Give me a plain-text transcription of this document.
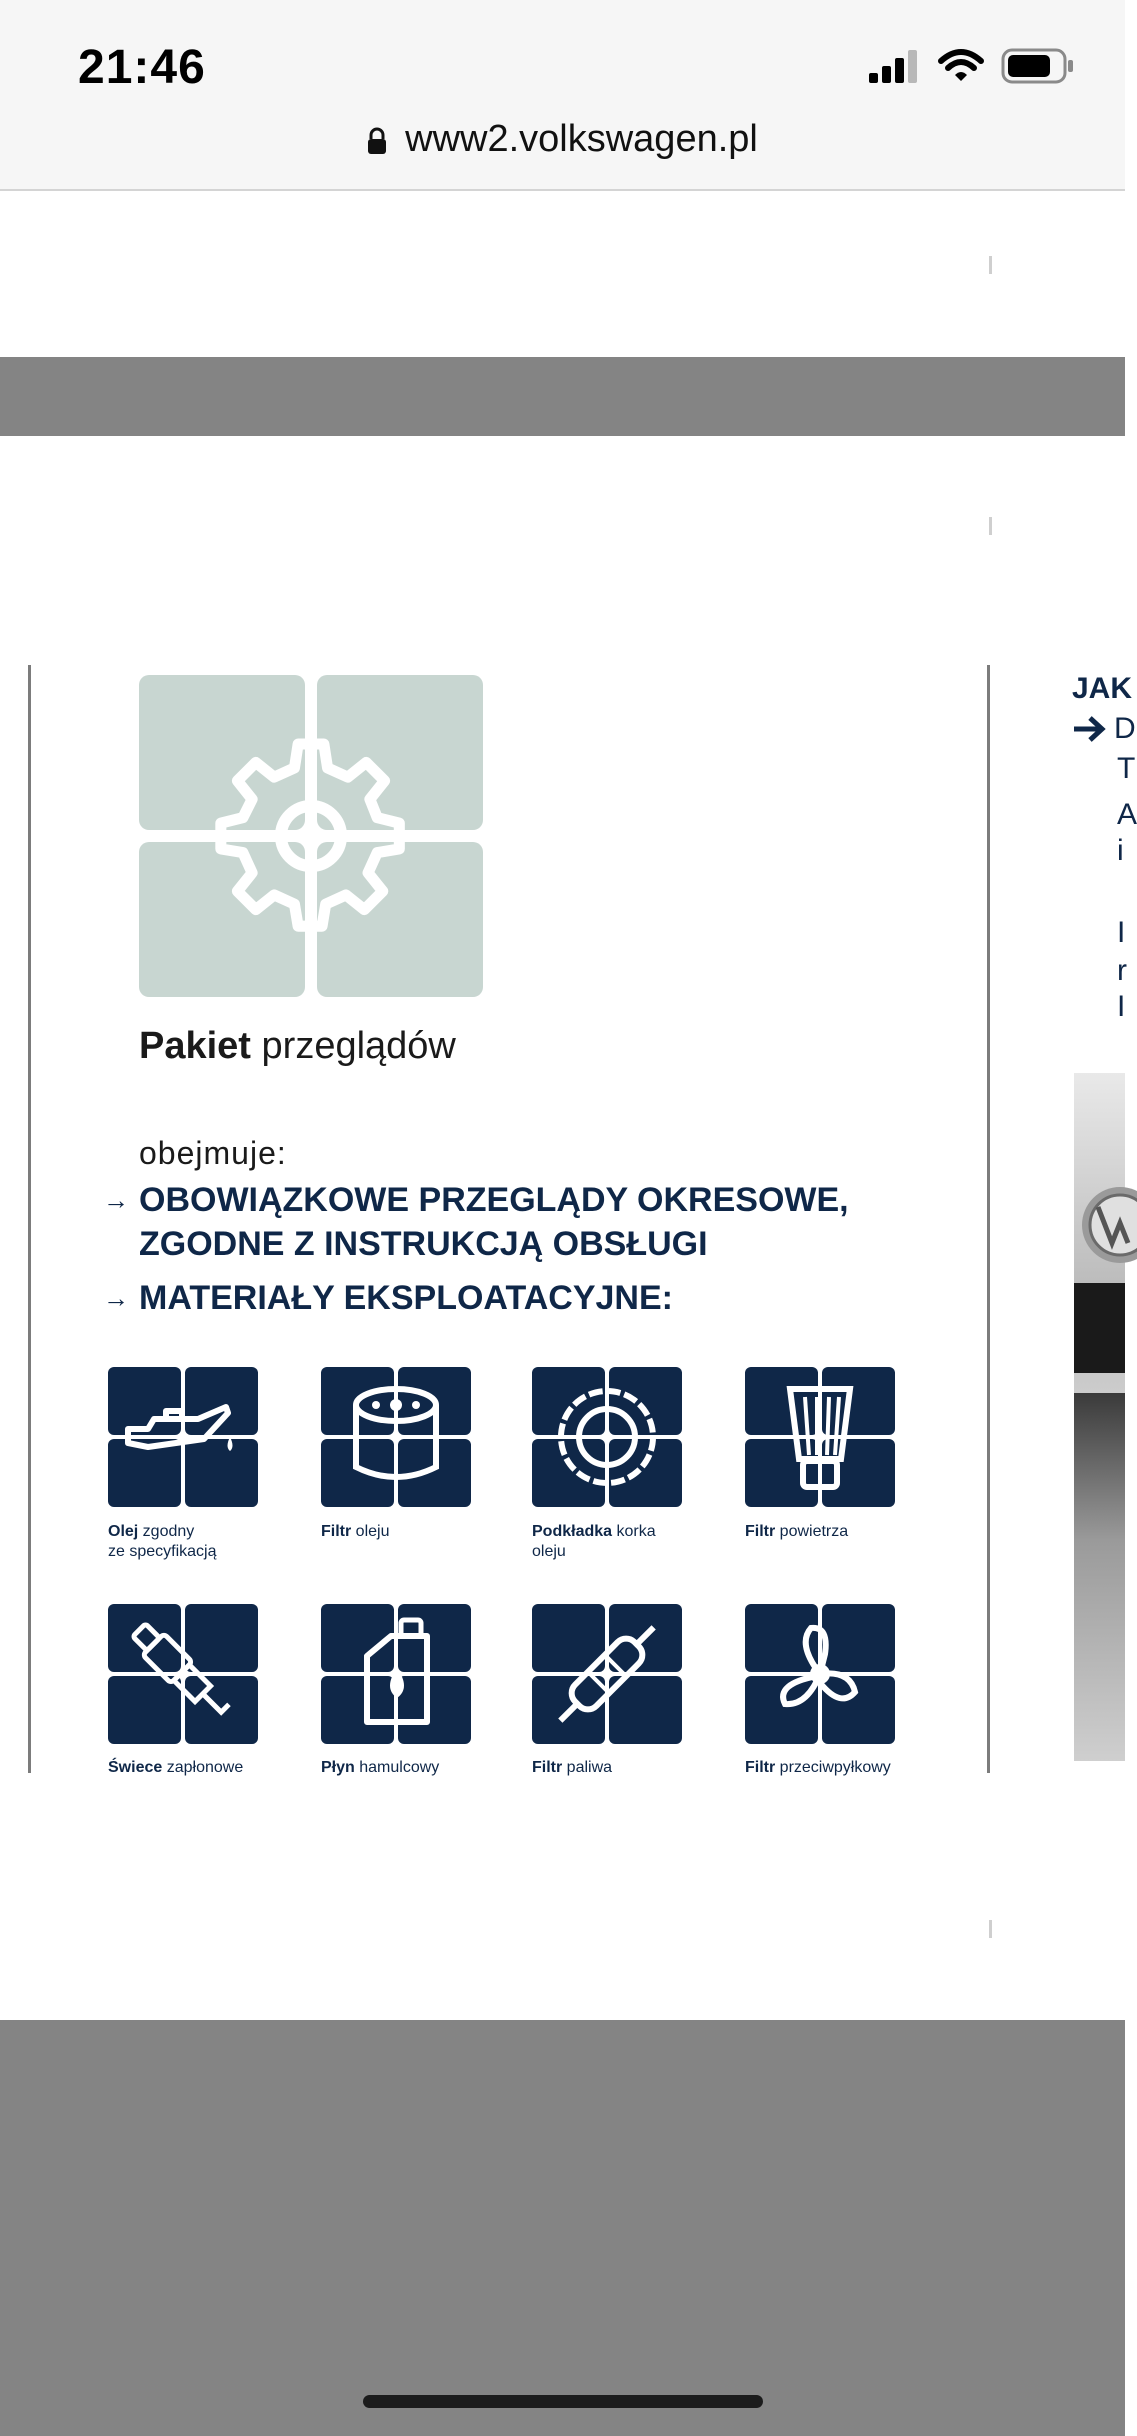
21:46
www2.volkswagen.pl
Pakiet przeglądów
obejmuje:
→ OBOWIĄZKOWE PRZEGLĄDY OKRESOWE,
ZGODNE Z INSTRUKCJĄ OBSŁUGI
→ MATERIAŁY EKSPLOATACYJNE:
Olej zgodny
ze specyfikacją
Filtr oleju	Podkładka korka
oleju
Filtr powietrza
Świece zapłonowe	Płyn hamulcowy	Filtr paliwa	Filtr przeciwpyłkowy
JAK
D
T
A
i
I
r
I
